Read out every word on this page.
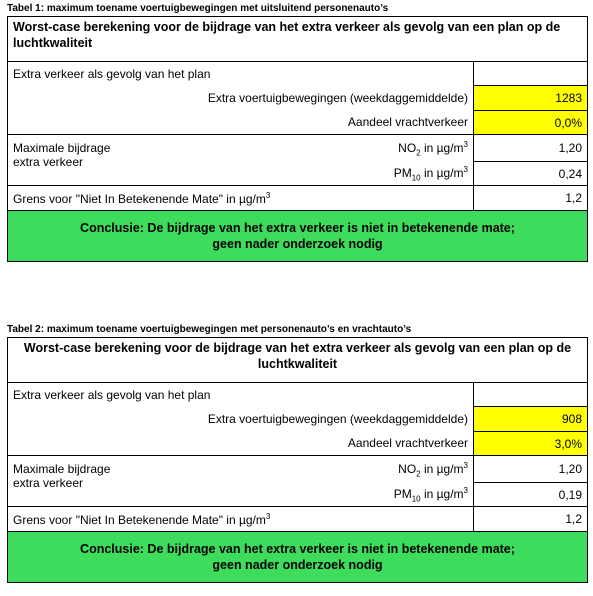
Tabel 1: maximum toename voertuigbewegingen met uitsluitend personenauto’s
Worst-case berekening voor de bijdrage van het extra verkeer als gevolg van een plan op de luchtkwaliteit	
Extra verkeer als gevolg van het plan	
Extra voertuigbewegingen (weekdaggemiddelde)	1283
Aandeel vrachtverkeer	0,0%

Maximale bijdrage
extra verkeer
$NO_2$ in $\mu g/m^3$	1,20
$PM_{10}$ in $\mu g/m^3$	0,24
Grens voor "Niet In Betekenende Mate" in $\mu g/m^3$	1,2

Conclusie: De bijdrage van het extra verkeer is niet in betekenende mate;
geen nader onderzoek nodig	
Tabel 2: maximum toename voertuigbewegingen met personenauto’s en vrachtauto’s
Worst-case berekening voor de bijdrage van het extra verkeer als gevolg van een plan op de luchtkwaliteit	
Extra verkeer als gevolg van het plan	
Extra voertuigbewegingen (weekdaggemiddelde)	908
Aandeel vrachtverkeer	3,0%

Maximale bijdrage
extra verkeer
$NO_2$ in $\mu g/m^3$	1,20
$PM_{10}$ in $\mu g/m^3$	0,19
Grens voor "Niet In Betekenende Mate" in $\mu g/m^3$	1,2

Conclusie: De bijdrage van het extra verkeer is niet in betekenende mate;
geen nader onderzoek nodig	
